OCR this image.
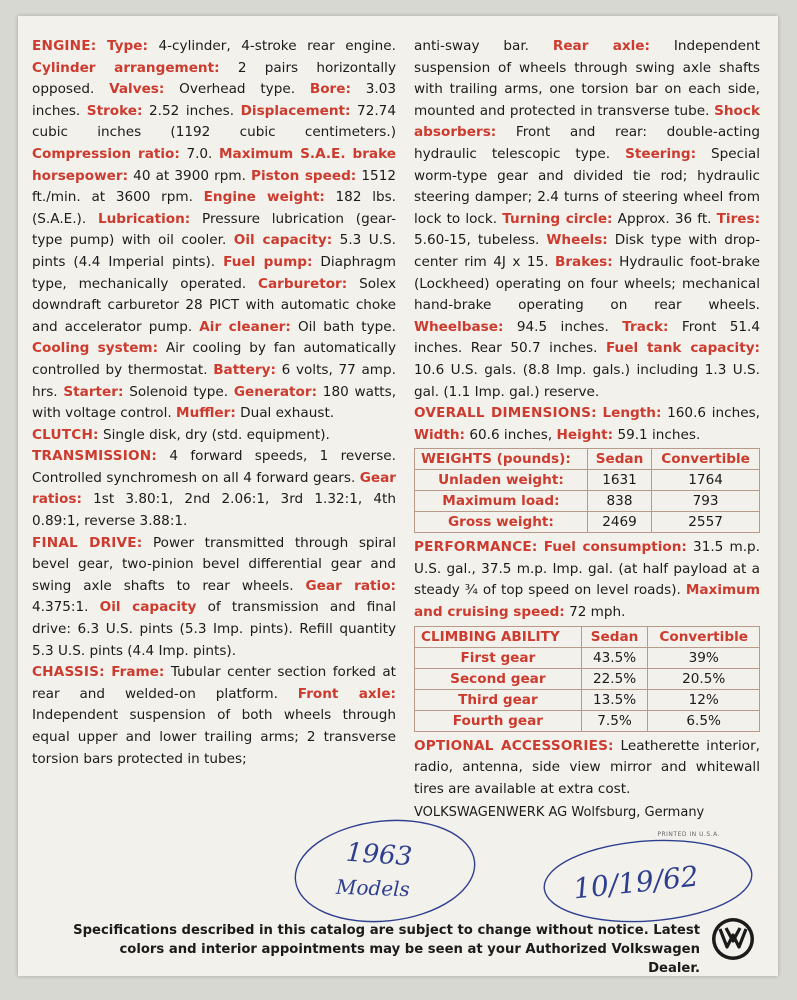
ENGINE: Type: 4-cylinder, 4-stroke rear engine. Cylinder arrangement: 2 pairs horizontally opposed. Valves: Overhead type. Bore: 3.03 inches. Stroke: 2.52 inches. Displacement: 72.74 cubic inches (1192 cubic centimeters.) Compression ratio: 7.0. Maximum S.A.E. brake horsepower: 40 at 3900 rpm. Piston speed: 1512 ft./min. at 3600 rpm. Engine weight: 182 lbs. (S.A.E.). Lubrication: Pressure lubrication (gear-type pump) with oil cooler. Oil capacity: 5.3 U.S. pints (4.4 Imperial pints). Fuel pump: Diaphragm type, mechanically operated. Carburetor: Solex downdraft carburetor 28 PICT with automatic choke and accelerator pump. Air cleaner: Oil bath type. Cooling system: Air cooling by fan automatically controlled by thermostat. Battery: 6 volts, 77 amp. hrs. Starter: Solenoid type. Generator: 180 watts, with voltage control. Muffler: Dual exhaust.

CLUTCH: Single disk, dry (std. equipment).

TRANSMISSION: 4 forward speeds, 1 reverse. Controlled synchromesh on all 4 forward gears. Gear ratios: 1st 3.80:1, 2nd 2.06:1, 3rd 1.32:1, 4th 0.89:1, reverse 3.88:1.

FINAL DRIVE: Power transmitted through spiral bevel gear, two-pinion bevel differential gear and swing axle shafts to rear wheels. Gear ratio: 4.375:1. Oil capacity of transmission and final drive: 6.3 U.S. pints (5.3 Imp. pints). Refill quantity 5.3 U.S. pints (4.4 Imp. pints).

CHASSIS: Frame: Tubular center section forked at rear and welded-on platform. Front axle: Independent suspension of both wheels through equal upper and lower trailing arms; 2 transverse torsion bars protected in tubes;

anti-sway bar. Rear axle: Independent suspension of wheels through swing axle shafts with trailing arms, one torsion bar on each side, mounted and protected in transverse tube. Shock absorbers: Front and rear: double-acting hydraulic telescopic type. Steering: Special worm-type gear and divided tie rod; hydraulic steering damper; 2.4 turns of steering wheel from lock to lock. Turning circle: Approx. 36 ft. Tires: 5.60-15, tubeless. Wheels: Disk type with drop-center rim 4J x 15. Brakes: Hydraulic foot-brake (Lockheed) operating on four wheels; mechanical hand-brake operating on rear wheels. Wheelbase: 94.5 inches. Track: Front 51.4 inches. Rear 50.7 inches. Fuel tank capacity: 10.6 U.S. gals. (8.8 Imp. gals.) including 1.3 U.S. gal. (1.1 Imp. gal.) reserve.

OVERALL DIMENSIONS: Length: 160.6 inches, Width: 60.6 inches, Height: 59.1 inches.

WEIGHTS (pounds):	Sedan	Convertible
Unladen weight:	1631	1764
Maximum load:	838	793
Gross weight:	2469	2557

PERFORMANCE: Fuel consumption: 31.5 m.p. U.S. gal., 37.5 m.p. Imp. gal. (at half payload at a steady ¾ of top speed on level roads). Maximum and cruising speed: 72 mph.

CLIMBING ABILITY	Sedan	Convertible
First gear	43.5%	39%
Second gear	22.5%	20.5%
Third gear	13.5%	12%
Fourth gear	7.5%	6.5%

OPTIONAL ACCESSORIES: Leatherette interior, radio, antenna, side view mirror and whitewall tires are available at extra cost.

VOLKSWAGENWERK AG Wolfsburg, Germany
PRINTED IN U.S.A.
1963
Models	10/19/62
Specifications described in this catalog are subject to change without notice. Latest colors and interior appointments may be seen at your Authorized Volkswagen Dealer.
